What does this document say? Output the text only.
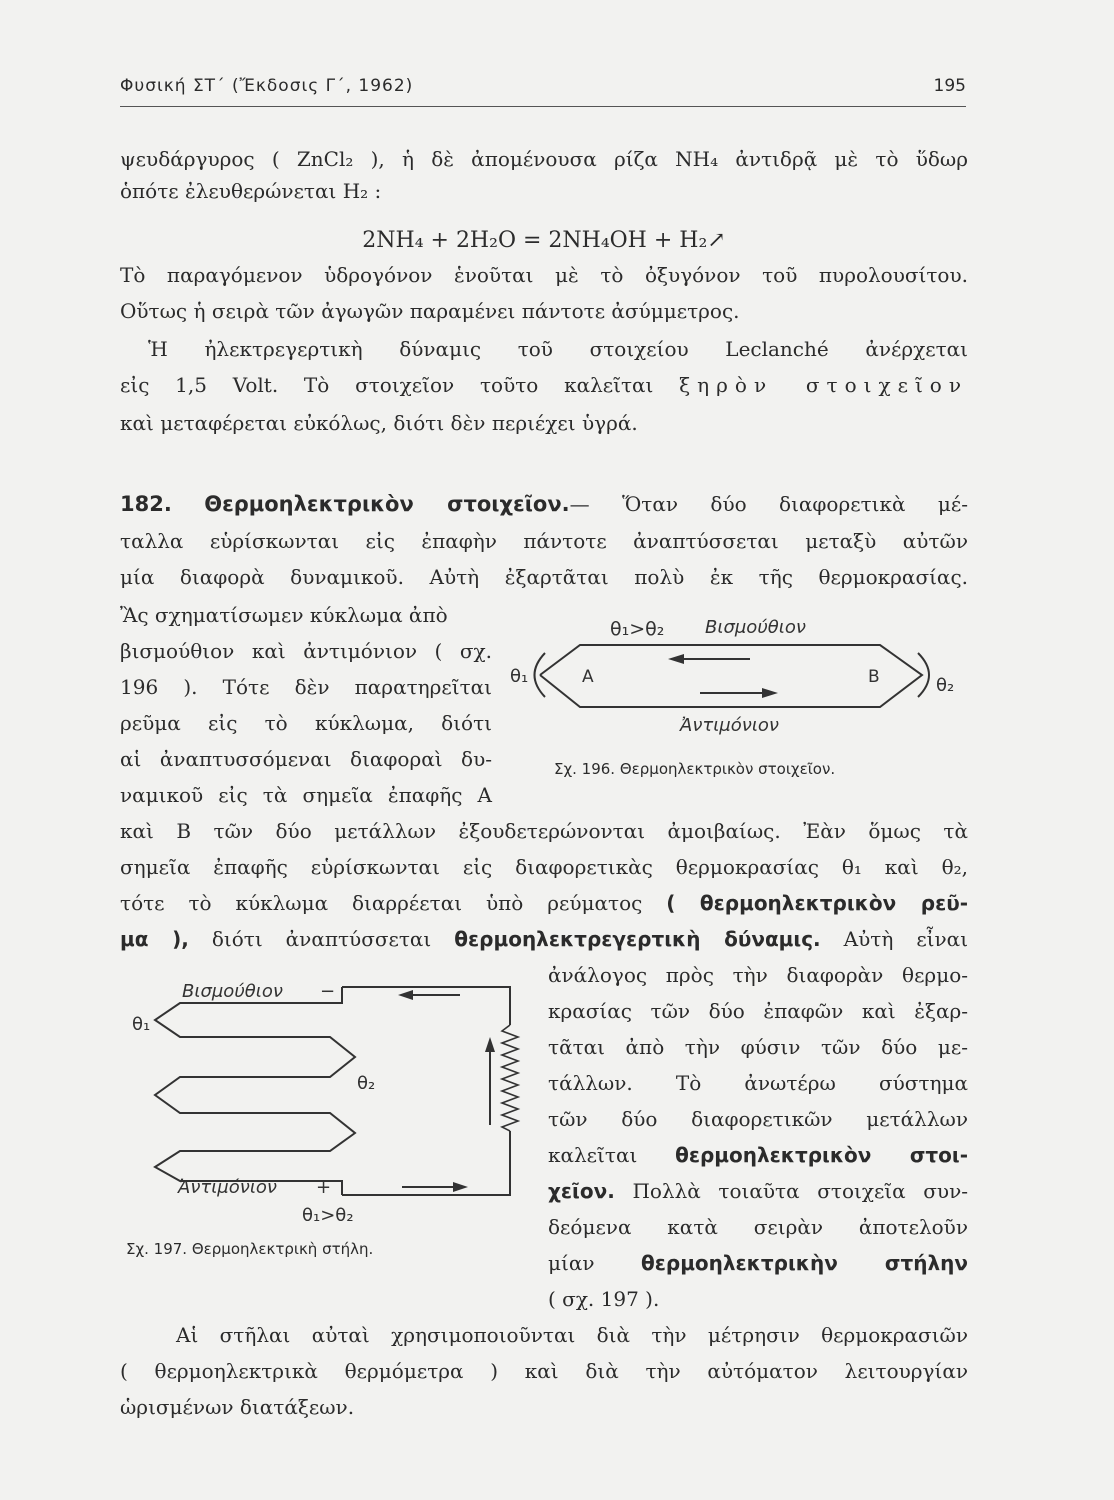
Φυσική ΣΤ΄ (Ἔκδοσις Γ΄, 1962)	195
ψευδάργυρος ( ZnCl₂ ), ἡ δὲ ἀπομένουσα ρίζα NH₄ ἀντιδρᾷ μὲ τὸ ὕδωρ
ὁπότε ἐλευθερώνεται H₂ :
2NH₄ + 2H₂O = 2NH₄OH + H₂↗
Τὸ παραγόμενον ὑδρογόνον ἑνοῦται μὲ τὸ ὀξυγόνον τοῦ πυρολουσίτου.
Οὕτως ἡ σειρὰ τῶν ἀγωγῶν παραμένει πάντοτε ἀσύμμετρος.
Ἡ ἠλεκτρεγερτικὴ δύναμις τοῦ στοιχείου Leclanché ἀνέρχεται
εἰς 1,5 Volt. Τὸ στοιχεῖον τοῦτο καλεῖται ξηρὸν στοιχεῖον
καὶ μεταφέρεται εὐκόλως, διότι δὲν περιέχει ὑγρά.
182. Θερμοηλεκτρικὸν στοιχεῖον.— Ὅταν δύο διαφορετικὰ μέ-
ταλλα εὑρίσκωνται εἰς ἐπαφὴν πάντοτε ἀναπτύσσεται μεταξὺ αὐτῶν
μία διαφορὰ δυναμικοῦ. Αὐτὴ ἐξαρτᾶται πολὺ ἐκ τῆς θερμοκρασίας.
Ἂς σχηματίσωμεν κύκλωμα ἀπὸ
βισμούθιον καὶ ἀντιμόνιον ( σχ.
196 ). Τότε δὲν παρατηρεῖται
ρεῦμα εἰς τὸ κύκλωμα, διότι
αἱ ἀναπτυσσόμεναι διαφοραὶ δυ-
ναμικοῦ εἰς τὰ σημεῖα ἐπαφῆς A
θ₁>θ₂ Βισμούθιον
A	B
θ₁	θ₂
Ἀντιμόνιον
Σχ. 196. Θερμοηλεκτρικὸν στοιχεῖον.
καὶ B τῶν δύο μετάλλων ἐξουδετερώνονται ἀμοιβαίως. Ἐὰν ὅμως τὰ
σημεῖα ἐπαφῆς εὑρίσκωνται εἰς διαφορετικὰς θερμοκρασίας θ₁ καὶ θ₂,
τότε τὸ κύκλωμα διαρρέεται ὑπὸ ρεύματος ( θερμοηλεκτρικὸν ρεῦ-
μα ), διότι ἀναπτύσσεται θερμοηλεκτρεγερτικὴ δύναμις. Αὐτὴ εἶναι
ἀνάλογος πρὸς τὴν διαφορὰν θερμο-
κρασίας τῶν δύο ἐπαφῶν καὶ ἐξαρ-
τᾶται ἀπὸ τὴν φύσιν τῶν δύο με-
τάλλων. Τὸ ἀνωτέρω σύστημα
τῶν δύο διαφορετικῶν μετάλλων
καλεῖται θερμοηλεκτρικὸν στοι-
χεῖον. Πολλὰ τοιαῦτα στοιχεῖα συν-
δεόμενα κατὰ σειρὰν ἀποτελοῦν
μίαν θερμοηλεκτρικὴν στήλην
( σχ. 197 ).
Βισμούθιον −
θ₁
θ₂
Ἀντιμόνιον +
θ₁>θ₂
Σχ. 197. Θερμοηλεκτρικὴ στήλη.
Αἱ στῆλαι αὐταὶ χρησιμοποιοῦνται διὰ τὴν μέτρησιν θερμοκρασιῶν
( θερμοηλεκτρικὰ θερμόμετρα ) καὶ διὰ τὴν αὐτόματον λειτουργίαν
ὡρισμένων διατάξεων.
